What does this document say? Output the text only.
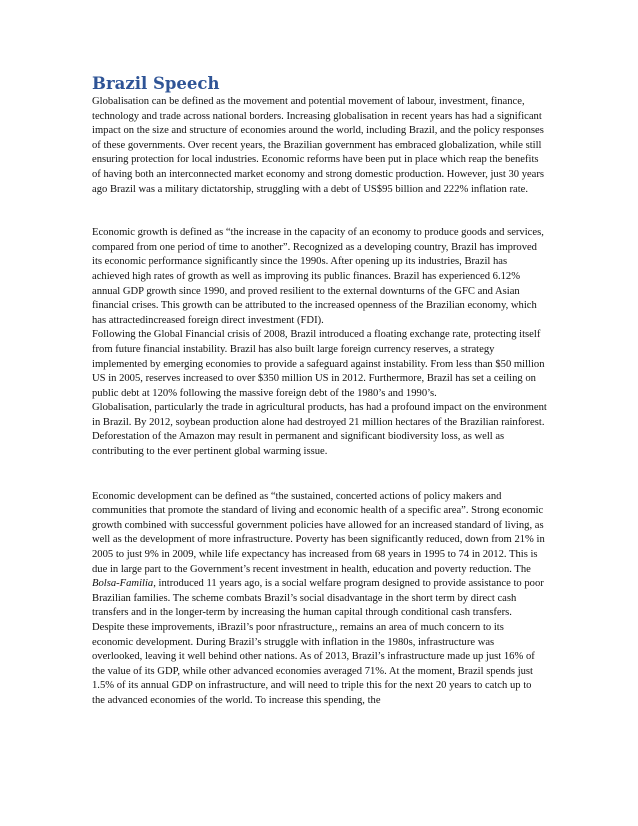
Brazil Speech

Globalisation can be defined as the movement and potential movement of labour, investment, finance, technology and trade across national borders. Increasing globalisation in recent years has had a significant impact on the size and structure of economies around the world, including Brazil, and the policy responses of these governments. Over recent years, the Brazilian government has embraced globalization, while still ensuring protection for local industries. Economic reforms have been put in place which reap the benefits of having both an interconnected market economy and strong domestic production. However, just 30 years ago Brazil was a military dictatorship, struggling with a debt of US$95 billion and 222% inflation rate.

Economic growth is defined as “the increase in the capacity of an economy to produce goods and services, compared from one period of time to another”. Recognized as a developing country, Brazil has improved its economic performance significantly since the 1990s. After opening up its industries, Brazil has achieved high rates of growth as well as improving its public finances. Brazil has experienced 6.12% annual GDP growth since 1990, and proved resilient to the external downturns of the GFC and Asian financial crises. This growth can be attributed to the increased openness of the Brazilian economy, which has attractedincreased foreign direct investment (FDI).

Following the Global Financial crisis of 2008, Brazil introduced a floating exchange rate, protecting itself from future financial instability. Brazil has also built large foreign currency reserves, a strategy implemented by emerging economies to provide a safeguard against instability. From less than $50 million US in 2005, reserves increased to over $350 million US in 2012. Furthermore, Brazil has set a ceiling on public debt at 120% following the massive foreign debt of the 1980’s and 1990’s.

Globalisation, particularly the trade in agricultural products, has had a profound impact on the environment in Brazil. By 2012, soybean production alone had destroyed 21 million hectares of the Brazilian rainforest. Deforestation of the Amazon may result in permanent and significant biodiversity loss, as well as contributing to the ever pertinent global warming issue.

Economic development can be defined as “the sustained, concerted actions of policy makers and communities that promote the standard of living and economic health of a specific area”. Strong economic growth combined with successful government policies have allowed for an increased standard of living, as well as the development of more infrastructure. Poverty has been significantly reduced, down from 21% in 2005 to just 9% in 2009, while life expectancy has increased from 68 years in 1995 to 74 in 2012. This is due in large part to the Government’s recent investment in health, education and poverty reduction. The Bolsa-Familia, introduced 11 years ago, is a social welfare program designed to provide assistance to poor Brazilian families. The scheme combats Brazil’s social disadvantage in the short term by direct cash transfers and in the longer-term by increasing the human capital through conditional cash transfers.

Despite these improvements, iBrazil’s poor nfrastructure,, remains an area of much concern to its economic development. During Brazil’s struggle with inflation in the 1980s, infrastructure was overlooked, leaving it well behind other nations. As of 2013, Brazil’s infrastructure made up just 16% of the value of its GDP, while other advanced economies averaged 71%. At the moment, Brazil spends just 1.5% of its annual GDP on infrastructure, and will need to triple this for the next 20 years to catch up to the advanced economies of the world. To increase this spending, the
